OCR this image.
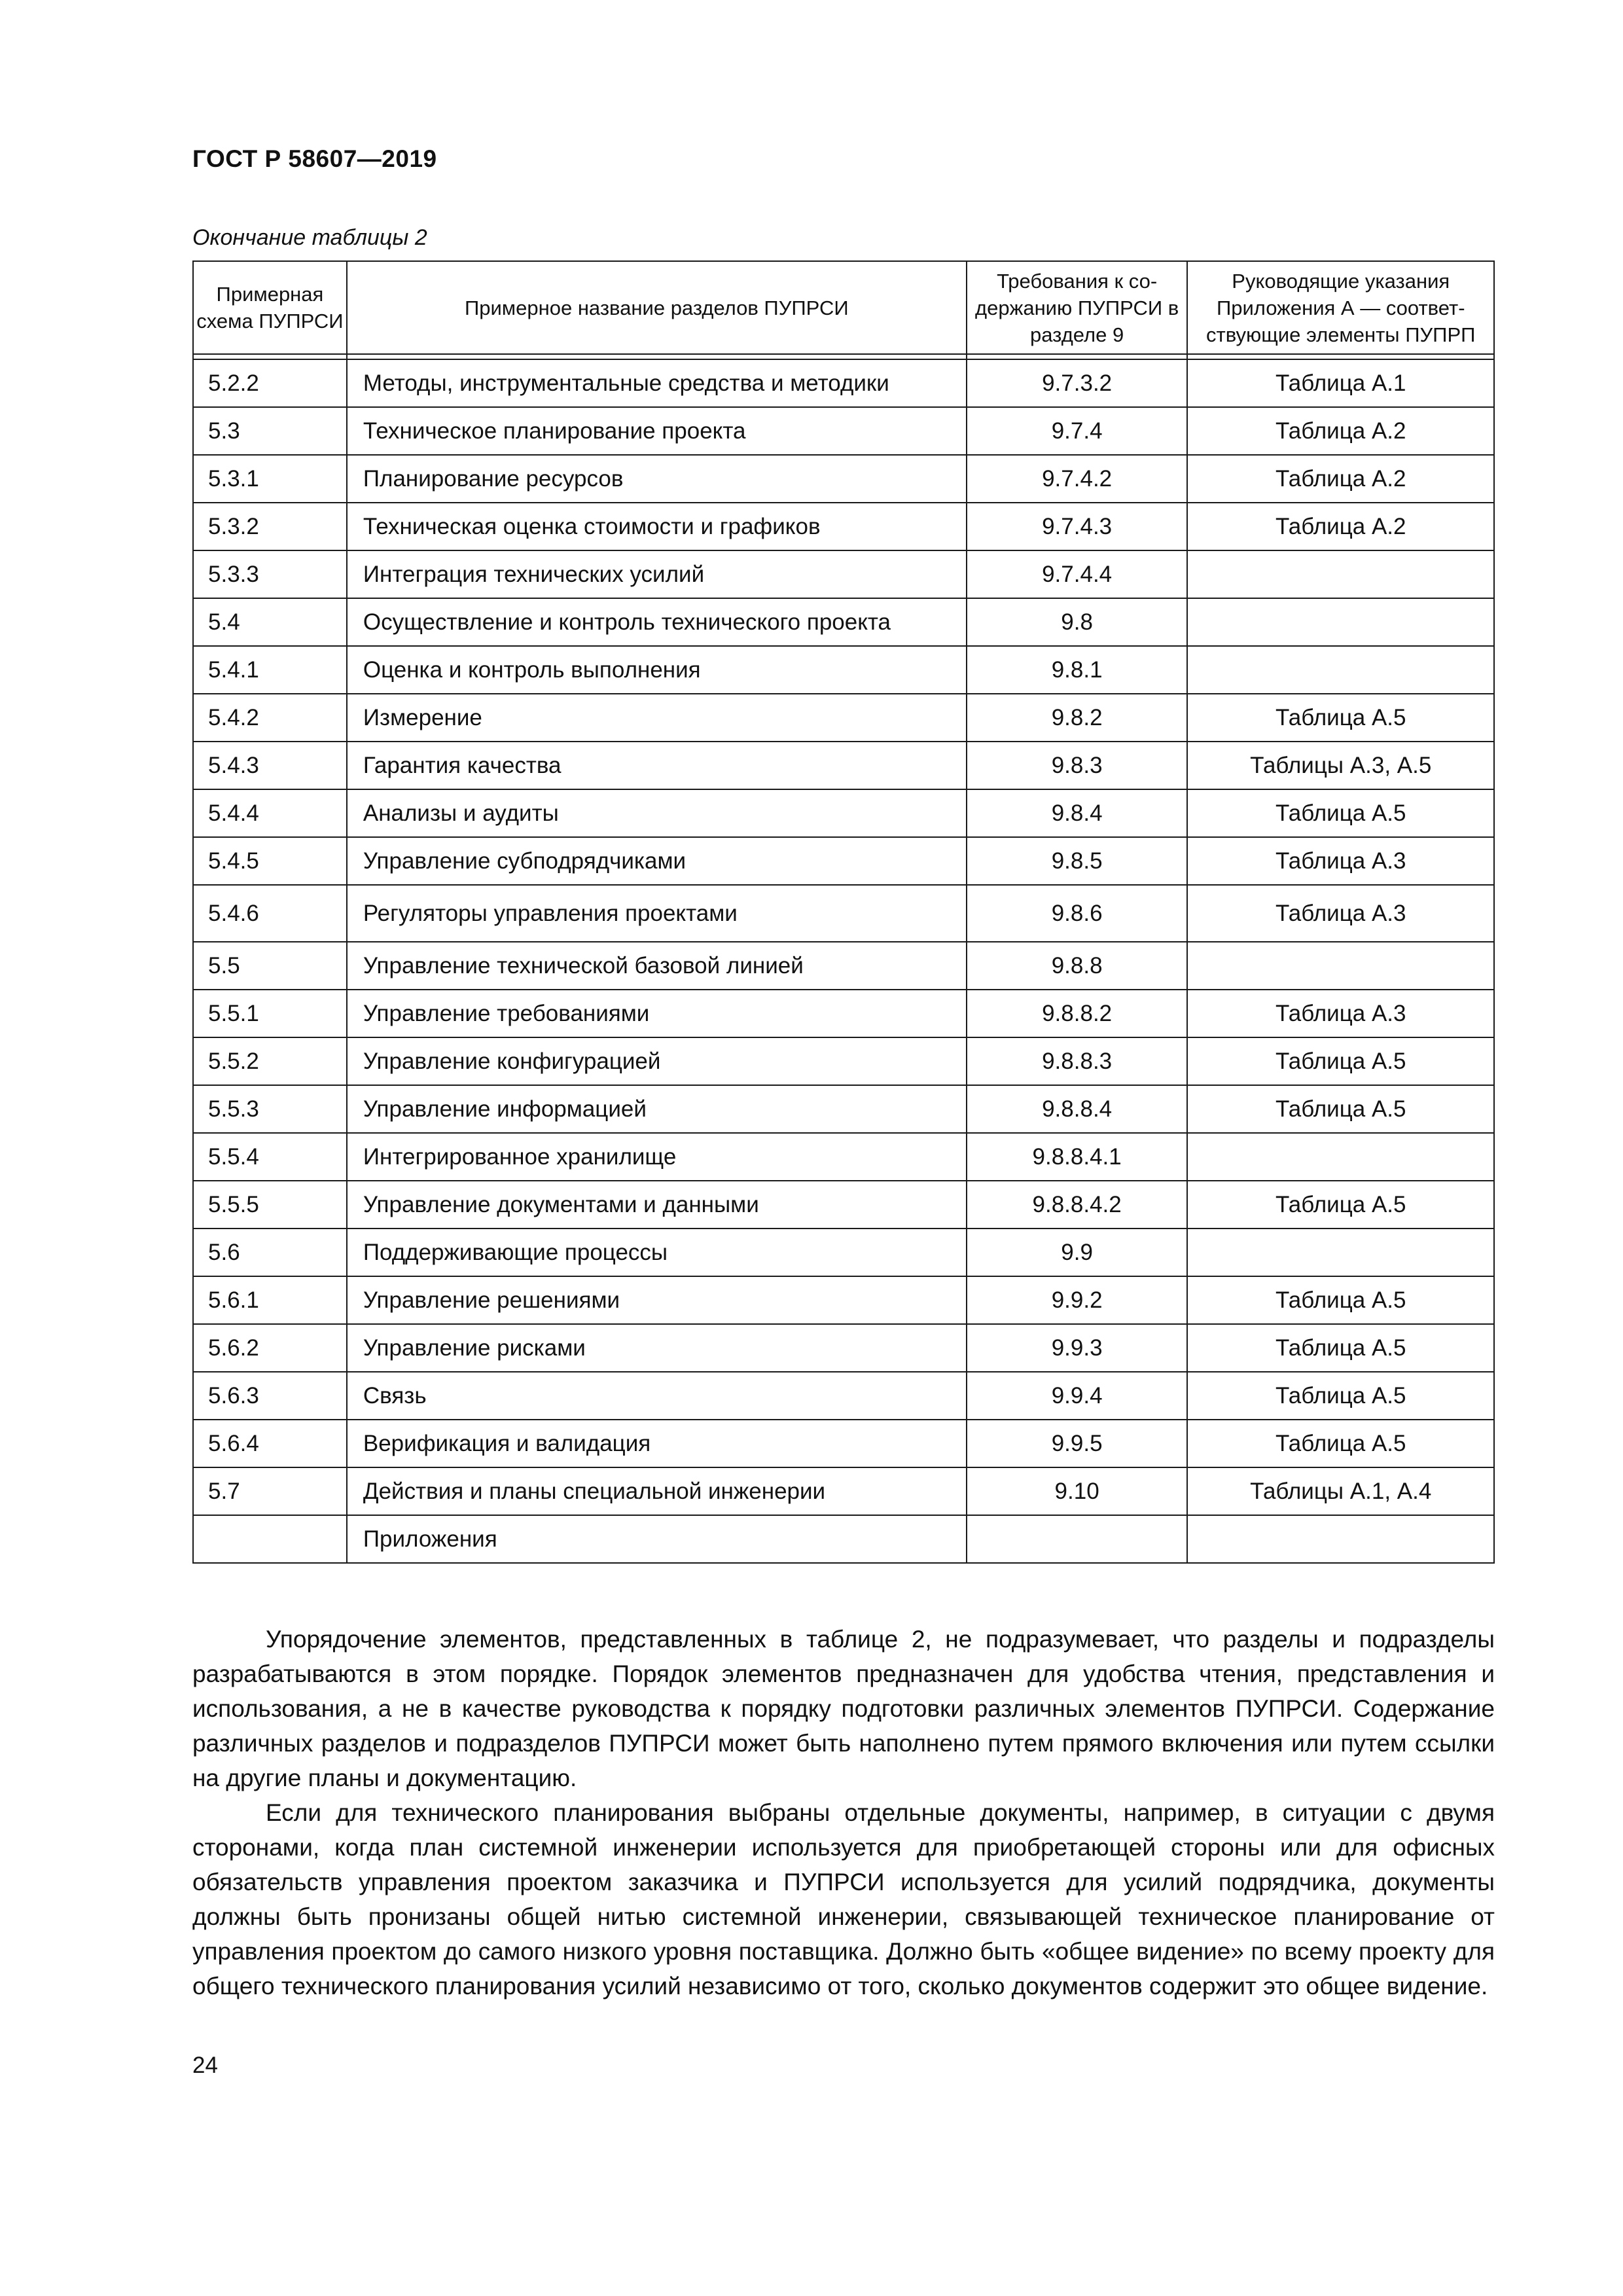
ГОСТ Р 58607—2019
Окончание таблицы 2
Примерная схема ПУПРСИ	Примерное название разделов ПУПРСИ	Требования к со-держанию ПУПРСИ в разделе 9	Руководящие указания Приложения А — соответ-ствующие элементы ПУПРП

5.2.2	Методы, инструментальные средства и методики	9.7.3.2	Таблица А.1
5.3	Техническое планирование проекта	9.7.4	Таблица А.2
5.3.1	Планирование ресурсов	9.7.4.2	Таблица А.2
5.3.2	Техническая оценка стоимости и графиков	9.7.4.3	Таблица А.2
5.3.3	Интеграция технических усилий	9.7.4.4	
5.4	Осуществление и контроль технического проекта	9.8	
5.4.1	Оценка и контроль выполнения	9.8.1	
5.4.2	Измерение	9.8.2	Таблица А.5
5.4.3	Гарантия качества	9.8.3	Таблицы А.3, А.5
5.4.4	Анализы и аудиты	9.8.4	Таблица А.5
5.4.5	Управление субподрядчиками	9.8.5	Таблица А.3
5.4.6	Регуляторы управления проектами	9.8.6	Таблица А.3
5.5	Управление технической базовой линией	9.8.8	
5.5.1	Управление требованиями	9.8.8.2	Таблица А.3
5.5.2	Управление конфигурацией	9.8.8.3	Таблица А.5
5.5.3	Управление информацией	9.8.8.4	Таблица А.5
5.5.4	Интегрированное хранилище	9.8.8.4.1	
5.5.5	Управление документами и данными	9.8.8.4.2	Таблица А.5
5.6	Поддерживающие процессы	9.9	
5.6.1	Управление решениями	9.9.2	Таблица А.5
5.6.2	Управление рисками	9.9.3	Таблица А.5
5.6.3	Связь	9.9.4	Таблица А.5
5.6.4	Верификация и валидация	9.9.5	Таблица А.5
5.7	Действия и планы специальной инженерии	9.10	Таблицы А.1, А.4
	Приложения		

Упорядочение элементов, представленных в таблице 2, не подразумевает, что разделы и подразделы разрабатываются в этом порядке. Порядок элементов предназначен для удобства чтения, представления и использования, а не в качестве руководства к порядку подготовки различных элементов ПУПРСИ. Содержание различных разделов и подразделов ПУПРСИ может быть наполнено путем прямого включения или путем ссылки на другие планы и документацию.

Если для технического планирования выбраны отдельные документы, например, в ситуации с двумя сторонами, когда план системной инженерии используется для приобретающей стороны или для офисных обязательств управления проектом заказчика и ПУПРСИ используется для усилий подрядчика, документы должны быть пронизаны общей нитью системной инженерии, связывающей техническое планирование от управления проектом до самого низкого уровня поставщика. Должно быть «общее видение» по всему проекту для общего технического планирования усилий независимо от того, сколько документов содержит это общее видение.

24
